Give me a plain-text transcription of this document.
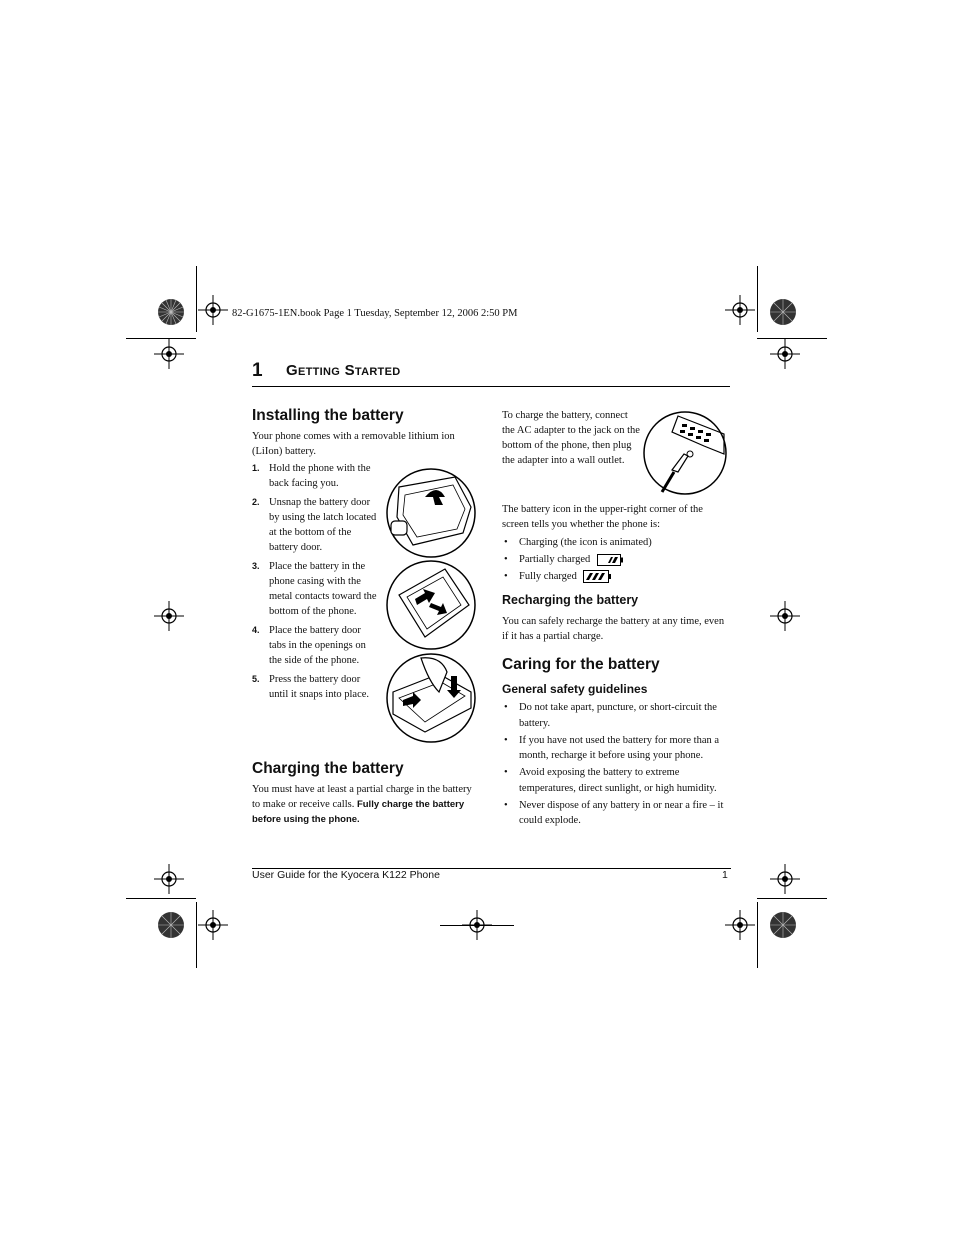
82-G1675-1EN.book Page 1 Tuesday, September 12, 2006 2:50 PM
1 Getting Started
Installing the battery
Your phone comes with a removable lithium ion (LiIon) battery.
1. Hold the phone with the back facing you.
2. Unsnap the battery door by using the latch located at the bottom of the battery door.
3. Place the battery in the phone casing with the metal contacts toward the bottom of the phone.
4. Place the battery door tabs in the openings on the side of the phone.
5. Press the battery door until it snaps into place.
Charging the battery
You must have at least a partial charge in the battery to make or receive calls. Fully charge the battery before using the phone.
To charge the battery, connect the AC adapter to the jack on the bottom of the phone, then plug the adapter into a wall outlet.
The battery icon in the upper-right corner of the screen tells you whether the phone is:
• Charging (the icon is animated)
• Partially charged
• Fully charged
Recharging the battery
You can safely recharge the battery at any time, even if it has a partial charge.
Caring for the battery
General safety guidelines
• Do not take apart, puncture, or short-circuit the battery.
• If you have not used the battery for more than a month, recharge it before using your phone.
• Avoid exposing the battery to extreme temperatures, direct sunlight, or high humidity.
• Never dispose of any battery in or near a fire – it could explode.
User Guide for the Kyocera K122 Phone	1
